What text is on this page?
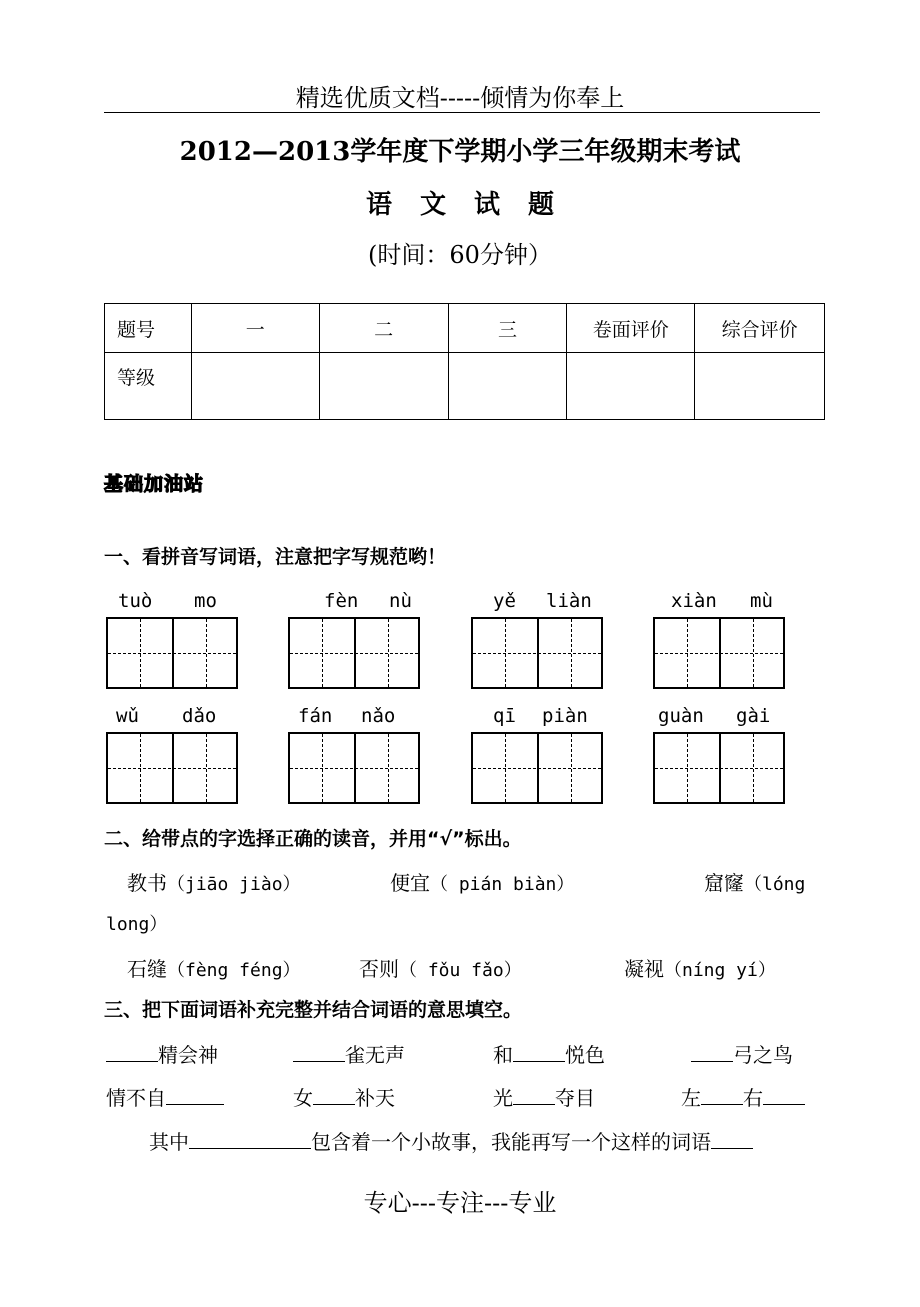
精选优质文档-----倾情为你奉上
2012—2013学年度下学期小学三年级期末考试
语文试题
(时间：60分钟）
题号	一	二	三	卷面评价	综合评价
等级					
基础加油站
一、看拼音写词语，注意把字写规范哟！
tuò mo	fèn nù	yě liàn	xiàn mù
wǔ dǎo	fán nǎo	qī piàn	guàn gài
二、给带点的字选择正确的读音，并用“√”标出。
教书（jiāo jiào）	便宜（ pián biàn）	窟窿（lóng
long）
石缝（fèng féng）	否则（ fǒu fǎo）	凝视（níng yí）
三、把下面词语补充完整并结合词语的意思填空。
精会神	雀无声	和	悦色	弓之鸟
情不自	女 补天	光 夺目	左 右
其中	包含着一个小故事，我能再写一个这样的词语
专心---专注---专业
